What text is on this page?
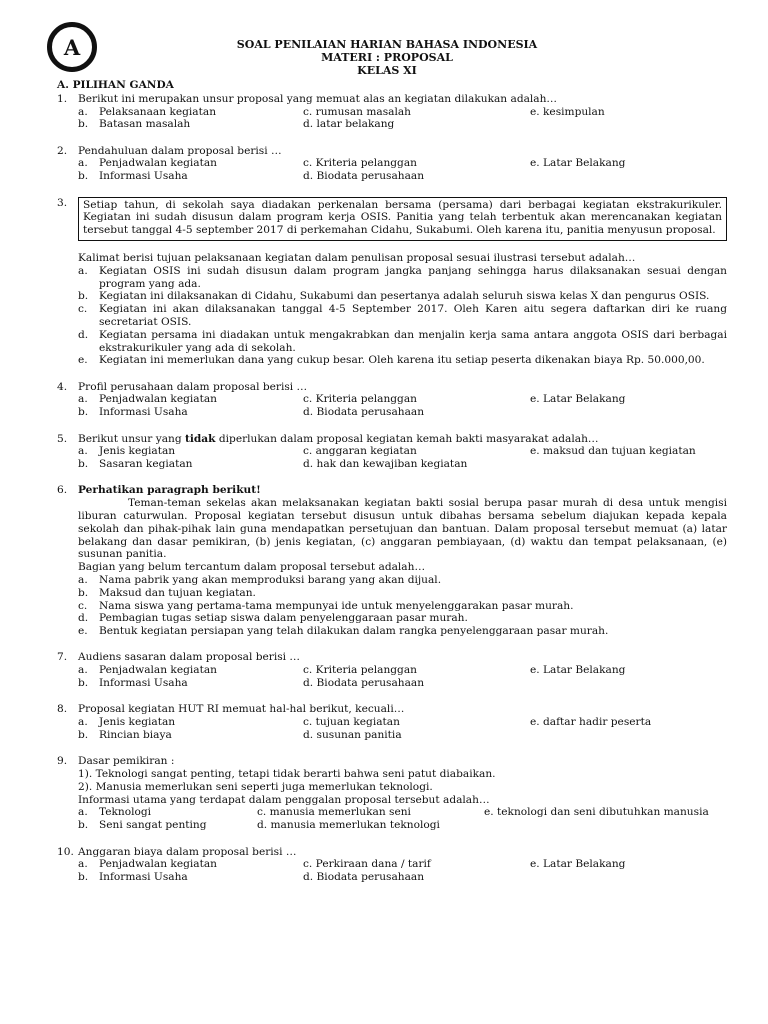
A	SOAL PENILAIAN HARIAN BAHASA INDONESIA
MATERI : PROPOSAL
KELAS XI
A. PILIHAN GANDA
1.	Berikut ini merupakan unsur proposal yang memuat alas an kegiatan dilakukan adalah…
a.	Pelaksanaan kegiatan	c. rumusan masalah	e. kesimpulan
b.	Batasan masalah	d. latar belakang
2.	Pendahuluan dalam proposal berisi …
a.	Penjadwalan kegiatan	c. Kriteria pelanggan	e. Latar Belakang
b.	Informasi Usaha	d. Biodata perusahaan
3.	Setiap tahun, di sekolah saya diadakan perkenalan bersama (persama) dari berbagai kegiatan ekstrakurikuler. Kegiatan ini sudah disusun dalam program kerja OSIS. Panitia yang telah terbentuk akan merencanakan kegiatan tersebut tanggal 4-5 september 2017 di perkemahan Cidahu, Sukabumi. Oleh karena itu, panitia menyusun proposal.
Kalimat berisi tujuan pelaksanaan kegiatan dalam penulisan proposal sesuai ilustrasi tersebut adalah…
a.	Kegiatan OSIS ini sudah disusun dalam program jangka panjang sehingga harus dilaksanakan sesuai dengan program yang ada.
b.	Kegiatan ini dilaksanakan di Cidahu, Sukabumi dan pesertanya adalah seluruh siswa kelas X dan pengurus OSIS.
c.	Kegiatan ini akan dilaksanakan tanggal 4-5 September 2017. Oleh Karen aitu segera daftarkan diri ke ruang secretariat OSIS.
d.	Kegiatan persama ini diadakan untuk mengakrabkan dan menjalin kerja sama antara anggota OSIS dari berbagai ekstrakurikuler yang ada di sekolah.
e.	Kegiatan ini memerlukan dana yang cukup besar. Oleh karena itu setiap peserta dikenakan biaya Rp. 50.000,00.
4.	Profil perusahaan dalam proposal berisi …
a.	Penjadwalan kegiatan	c. Kriteria pelanggan	e. Latar Belakang
b.	Informasi Usaha	d. Biodata perusahaan
5.	Berikut unsur yang tidak diperlukan dalam proposal kegiatan kemah bakti masyarakat adalah…
a.	Jenis kegiatan	c. anggaran kegiatan	e. maksud dan tujuan kegiatan
b.	Sasaran kegiatan	d. hak dan kewajiban kegiatan
6.	Perhatikan paragraph berikut!
Teman-teman sekelas akan melaksanakan kegiatan bakti sosial berupa pasar murah di desa untuk mengisi liburan caturwulan. Proposal kegiatan tersebut disusun untuk dibahas bersama sebelum diajukan kepada kepala sekolah dan pihak-pihak lain guna mendapatkan persetujuan dan bantuan. Dalam proposal tersebut memuat (a) latar belakang dan dasar pemikiran, (b) jenis kegiatan, (c) anggaran pembiayaan, (d) waktu dan tempat pelaksanaan, (e) susunan panitia.
Bagian yang belum tercantum dalam proposal tersebut adalah…
a.	Nama pabrik yang akan memproduksi barang yang akan dijual.
b.	Maksud dan tujuan kegiatan.
c.	Nama siswa yang pertama-tama mempunyai ide untuk menyelenggarakan pasar murah.
d.	Pembagian tugas setiap siswa dalam penyelenggaraan pasar murah.
e.	Bentuk kegiatan persiapan yang telah dilakukan dalam rangka penyelenggaraan pasar murah.
7.	Audiens sasaran dalam proposal berisi …
a.	Penjadwalan kegiatan	c. Kriteria pelanggan	e. Latar Belakang
b.	Informasi Usaha	d. Biodata perusahaan
8.	Proposal kegiatan HUT RI memuat hal-hal berikut, kecuali…
a.	Jenis kegiatan	c. tujuan kegiatan	e. daftar hadir peserta
b.	Rincian biaya	d. susunan panitia
9.	Dasar pemikiran :
1). Teknologi sangat penting, tetapi tidak berarti bahwa seni patut diabaikan.
2). Manusia memerlukan seni seperti juga memerlukan teknologi.
Informasi utama yang terdapat dalam penggalan proposal tersebut adalah…
a.	Teknologi	c. manusia memerlukan seni	e. teknologi dan seni dibutuhkan manusia
b.	Seni sangat penting	d. manusia memerlukan teknologi
10. Anggaran biaya dalam proposal berisi …
a.	Penjadwalan kegiatan	c. Perkiraan dana / tarif	e. Latar Belakang
b.	Informasi Usaha	d. Biodata perusahaan
